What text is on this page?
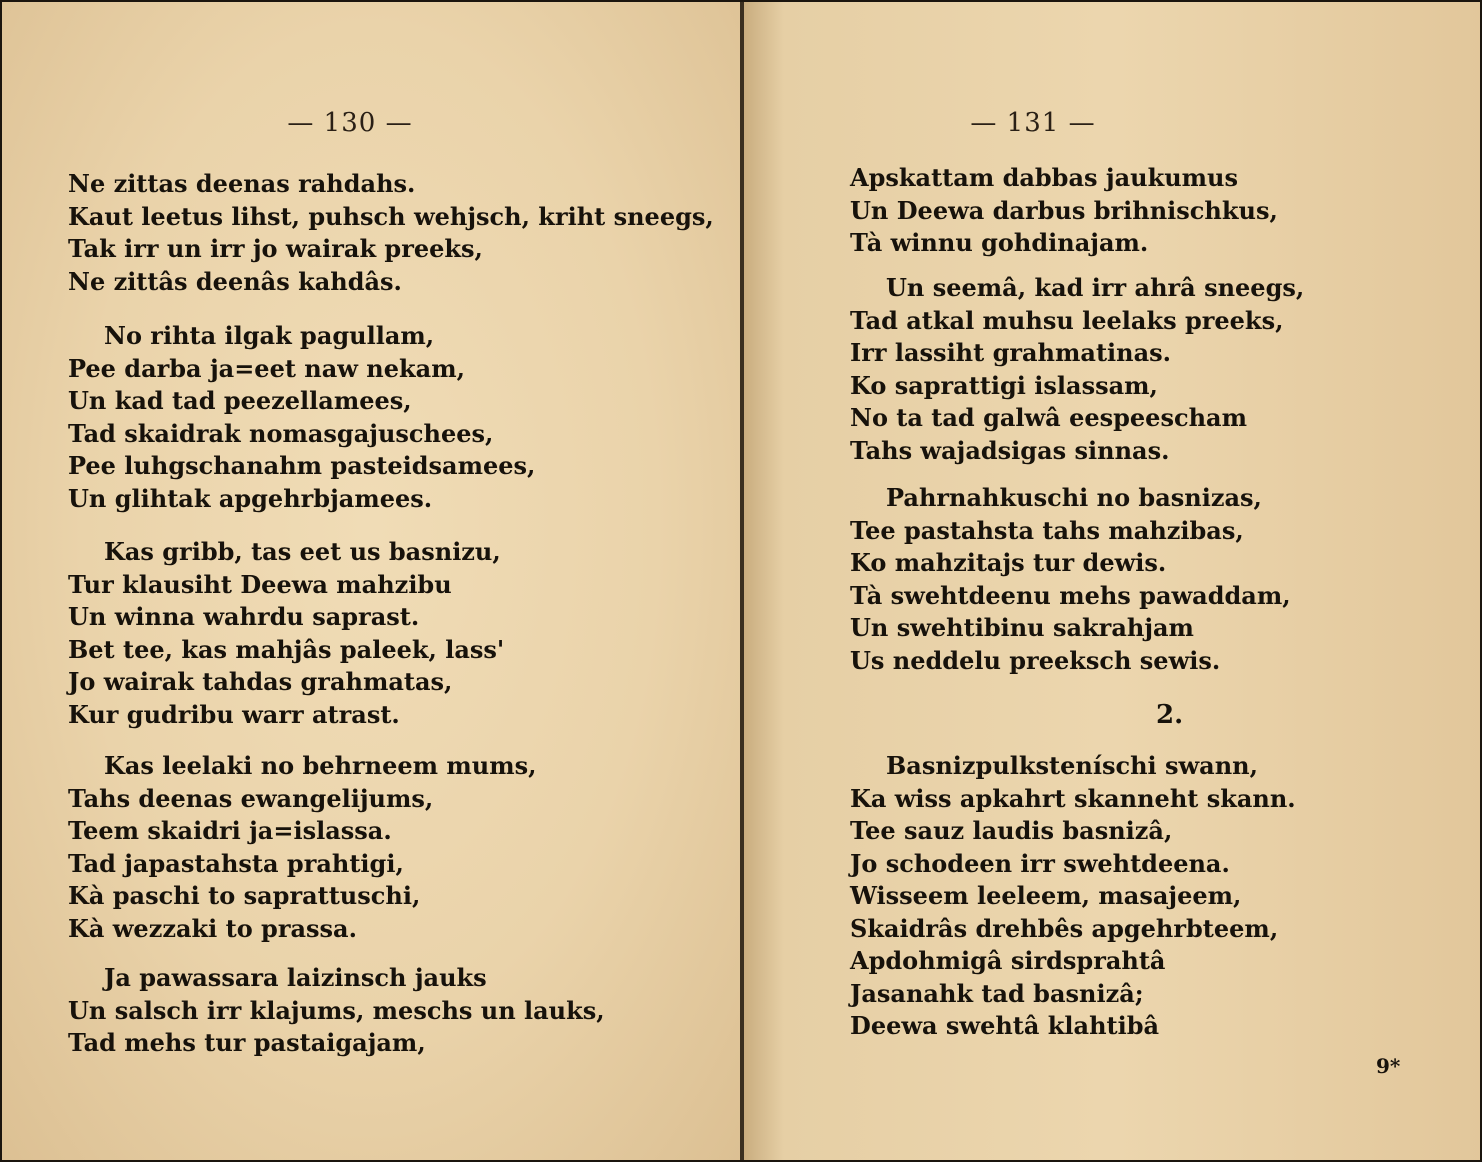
— 130 —
Ne zittas deenas rahdahs.
Kaut leetus lihst, puhsch wehjsch, kriht sneegs,
Tak irr un irr jo wairak preeks,
Ne zittâs deenâs kahdâs.
No rihta ilgak pagullam,
Pee darba ja=eet naw nekam,
Un kad tad peezellamees,
Tad skaidrak nomasgajuschees,
Pee luhgschanahm pasteidsamees,
Un glihtak apgehrbjamees.
Kas gribb, tas eet us basnizu,
Tur klausiht Deewa mahzibu
Un winna wahrdu saprast.
Bet tee, kas mahjâs paleek, lass'
Jo wairak tahdas grahmatas,
Kur gudribu warr atrast.
Kas leelaki no behrneem mums,
Tahs deenas ewangelijums,
Teem skaidri ja=islassa.
Tad japastahsta prahtigi,
Kà paschi to saprattuschi,
Kà wezzaki to prassa.
Ja pawassara laizinsch jauks
Un salsch irr klajums, meschs un lauks,
Tad mehs tur pastaigajam,
— 131 —
Apskattam dabbas jaukumus
Un Deewa darbus brihnischkus,
Tà winnu gohdinajam.
Un seemâ, kad irr ahrâ sneegs,
Tad atkal muhsu leelaks preeks,
Irr lassiht grahmatinas.
Ko saprattigi islassam,
No ta tad galwâ eespeescham
Tahs wajadsigas sinnas.
Pahrnahkuschi no basnizas,
Tee pastahsta tahs mahzibas,
Ko mahzitajs tur dewis.
Tà swehtdeenu mehs pawaddam,
Un swehtibinu sakrahjam
Us neddelu preeksch sewis.
2.
Basnizpulksteníschi swann,
Ka wiss apkahrt skanneht skann.
Tee sauz laudis basnizâ,
Jo schodeen irr swehtdeena.
Wisseem leeleem, masajeem,
Skaidrâs drehbês apgehrbteem,
Apdohmigâ sirdsprahtâ
Jasanahk tad basnizâ;
Deewa swehtâ klahtibâ
9*
